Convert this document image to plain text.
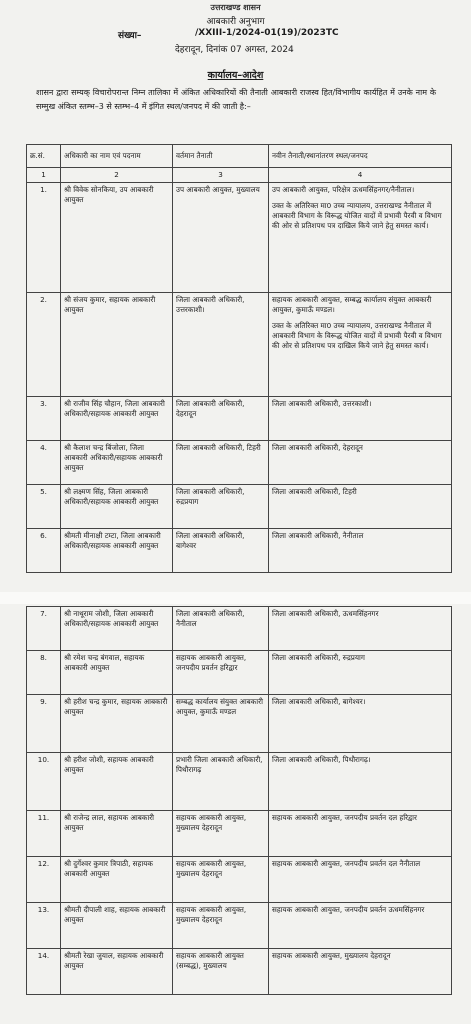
उत्तराखण्ड शासन
आबकारी अनुभाग
संख्या–	/XXIII-1/2024-01(19)/2023TC
देहरादून, दिनांक 07 अगस्त, 2024
कार्यालय–आदेश
शासन द्वारा सम्यक् विचारोपरान्त निम्न तालिका में अंकित अधिकारियों की तैनाती आबकारी राजस्व हित/विभागीय कार्यहित में उनके नाम के सम्मुख अंकित स्तम्भ–3 से स्तम्भ–4 में इंगित स्थल/जनपद में की जाती है:–
क्र.सं.	अधिकारी का नाम एवं पदनाम	वर्तमान तैनाती	नवीन तैनाती/स्थानांतरण स्थल/जनपद
1	2	3	4
1.	श्री विवेक सोनकिया, उप आबकारी आयुक्त	उप आबकारी आयुक्त, मुख्यालय	उप आबकारी आयुक्त, परिक्षेत्र ऊधमसिंहनगर/नैनीताल।

उक्त के अतिरिक्त मा0 उच्च न्यायालय, उत्तराखण्ड नैनीताल में आबकारी विभाग के विरूद्ध योजित वादों में प्रभावी पैरवी व विभाग की ओर से प्रतिशपथ पत्र दाखिल किये जाने हेतु समस्त कार्य।

2.	श्री संजय कुमार, सहायक आबकारी आयुक्त	जिला आबकारी अधिकारी, उत्तरकाशी।	सहायक आबकारी आयुक्त, सम्बद्ध कार्यालय संयुक्त आबकारी आयुक्त, कुमाऊँ मण्डल।

उक्त के अतिरिक्त मा0 उच्च न्यायालय, उत्तराखण्ड नैनीताल में आबकारी विभाग के विरूद्ध योजित वादों में प्रभावी पैरवी व विभाग की ओर से प्रतिशपथ पत्र दाखिल किये जाने हेतु समस्त कार्य।

3.	श्री राजीव सिंह चौहान, जिला आबकारी अधिकारी/सहायक आबकारी आयुक्त	जिला आबकारी अधिकारी, देहरादून	जिला आबकारी अधिकारी, उत्तरकाशी।

4.	श्री कैलाश चन्द्र बिंजोला, जिला आबकारी अधिकारी/सहायक आबकारी आयुक्त	जिला आबकारी अधिकारी, टिहरी	जिला आबकारी अधिकारी, देहरादून

5.	श्री लक्ष्मण सिंह, जिला आबकारी अधिकारी/सहायक आबकारी आयुक्त	जिला आबकारी अधिकारी, रुद्रप्रयाग	जिला आबकारी अधिकारी, टिहरी

6.	श्रीमती मीनाक्षी टम्टा, जिला आबकारी अधिकारी/सहायक आबकारी आयुक्त	जिला आबकारी अधिकारी, बागेश्वर	जिला आबकारी अधिकारी, नैनीताल

7.	श्री नाथूराम जोशी, जिला आबकारी अधिकारी/सहायक आबकारी आयुक्त	जिला आबकारी अधिकारी, नैनीताल	जिला आबकारी अधिकारी, ऊधमसिंहनगर

8.	श्री रमेश चन्द्र बंगवाल, सहायक आबकारी आयुक्त	सहायक आबकारी आयुक्त, जनपदीय प्रवर्तन हरिद्वार	जिला आबकारी अधिकारी, रुद्रप्रयाग

9.	श्री हरीश चन्द्र कुमार, सहायक आबकारी आयुक्त	सम्बद्ध कार्यालय संयुक्त आबकारी आयुक्त, कुमाऊँ मण्डल	जिला आबकारी अधिकारी, बागेश्वर।

10.	श्री हरीश जोशी, सहायक आबकारी आयुक्त	प्रभारी जिला आबकारी अधिकारी, पिथौरागढ़	जिला आबकारी अधिकारी, पिथौरागढ़।

11.	श्री राजेन्द्र लाल, सहायक आबकारी आयुक्त	सहायक आबकारी आयुक्त, मुख्यालय देहरादून	सहायक आबकारी आयुक्त, जनपदीय प्रवर्तन दल हरिद्वार

12.	श्री दुर्गेश्वर कुमार त्रिपाठी, सहायक आबकारी आयुक्त	सहायक आबकारी आयुक्त, मुख्यालय देहरादून	सहायक आबकारी आयुक्त, जनपदीय प्रवर्तन दल नैनीताल

13.	श्रीमती दीपाली शाह, सहायक आबकारी आयुक्त	सहायक आबकारी आयुक्त, मुख्यालय देहरादून	सहायक आबकारी आयुक्त, जनपदीय प्रवर्तन ऊधमसिंहनगर

14.	श्रीमती रेखा जुयाल, सहायक आबकारी आयुक्त	सहायक आबकारी आयुक्त (सम्बद्ध), मुख्यालय	सहायक आबकारी आयुक्त, मुख्यालय देहरादून
